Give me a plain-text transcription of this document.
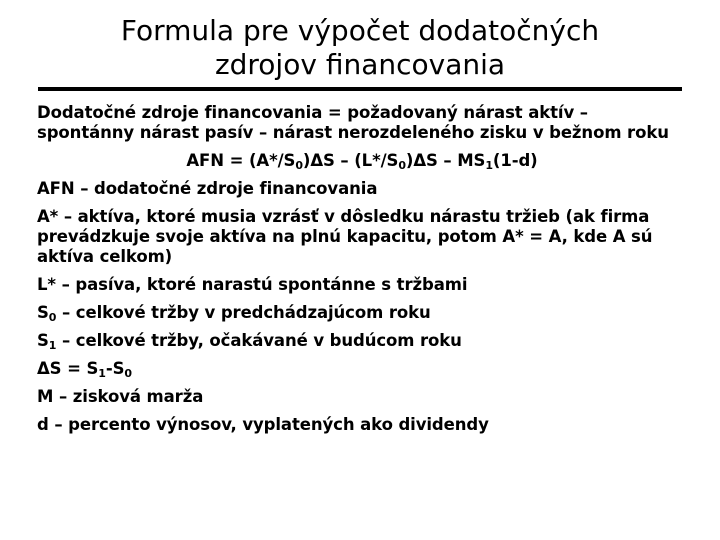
Formula pre výpočet dodatočných
zdrojov financovania

Dodatočné zdroje financovania = požadovaný nárast aktív – spontánny nárast pasív – nárast nerozdeleného zisku v bežnom roku

AFN = $(A*/S_0)\Delta S - (L*/S_0)\Delta S - MS_1(1-d)$

AFN – dodatočné zdroje financovania

A* – aktíva, ktoré musia vzrásť v dôsledku nárastu tržieb (ak firma prevádzkuje svoje aktíva na plnú kapacitu, potom A* = A, kde A sú aktíva celkom)

L* – pasíva, ktoré narastú spontánne s tržbami

$S_0$ – celkové tržby v predchádzajúcom roku

$S_1$ – celkové tržby, očakávané v budúcom roku

$\Delta S = S_1-S_0$

M – zisková marža

d – percento výnosov, vyplatených ako dividendy
